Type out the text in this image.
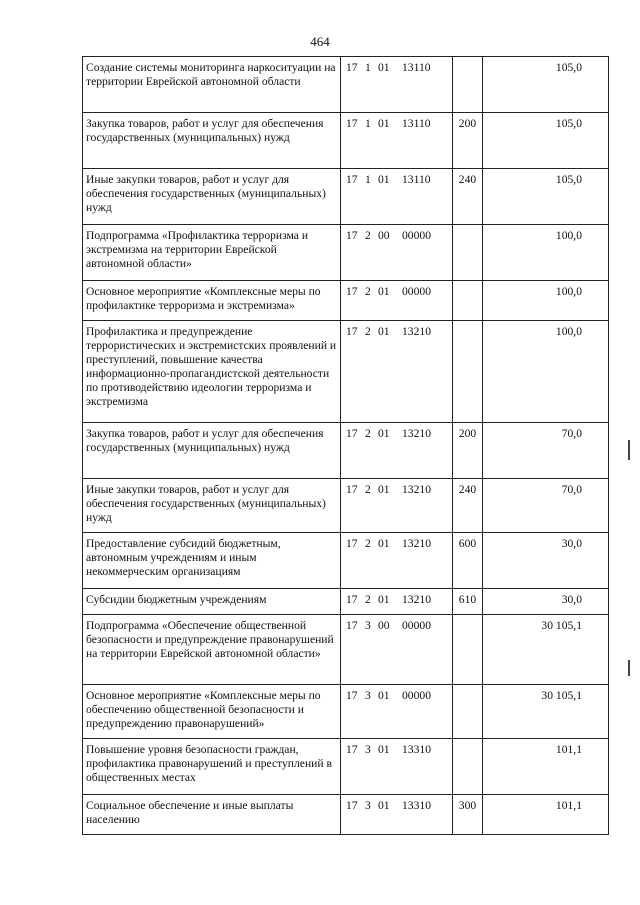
464
Создание системы мониторинга наркоситуации на территории Еврейской автономной области	17 1 01 13110		105,0
Закупка товаров, работ и услуг для обеспечения государственных (муниципальных) нужд	17 1 01 13110	200	105,0
Иные закупки товаров, работ и услуг для обеспечения государственных (муниципальных) нужд	17 1 01 13110	240	105,0
Подпрограмма «Профилактика терроризма и экстремизма на территории Еврейской автономной области»	17 2 00 00000		100,0
Основное мероприятие «Комплексные меры по профилактике терроризма и экстремизма»	17 2 01 00000		100,0
Профилактика и предупреждение террористических и экстремистских проявлений и преступлений, повышение качества информационно-пропагандистской деятельности по противодействию идеологии терроризма и экстремизма	17 2 01 13210		100,0
Закупка товаров, работ и услуг для обеспечения государственных (муниципальных) нужд	17 2 01 13210	200	70,0
Иные закупки товаров, работ и услуг для обеспечения государственных (муниципальных) нужд	17 2 01 13210	240	70,0
Предоставление субсидий бюджетным, автономным учреждениям и иным некоммерческим организациям	17 2 01 13210	600	30,0
Субсидии бюджетным учреждениям	17 2 01 13210	610	30,0
Подпрограмма «Обеспечение общественной безопасности и предупреждение правонарушений на территории Еврейской автономной области»	17 3 00 00000		30 105,1
Основное мероприятие «Комплексные меры по обеспечению общественной безопасности и предупреждению правонарушений»	17 3 01 00000		30 105,1
Повышение уровня безопасности граждан, профилактика правонарушений и преступлений в общественных местах	17 3 01 13310		101,1
Социальное обеспечение и иные выплаты населению	17 3 01 13310	300	101,1
